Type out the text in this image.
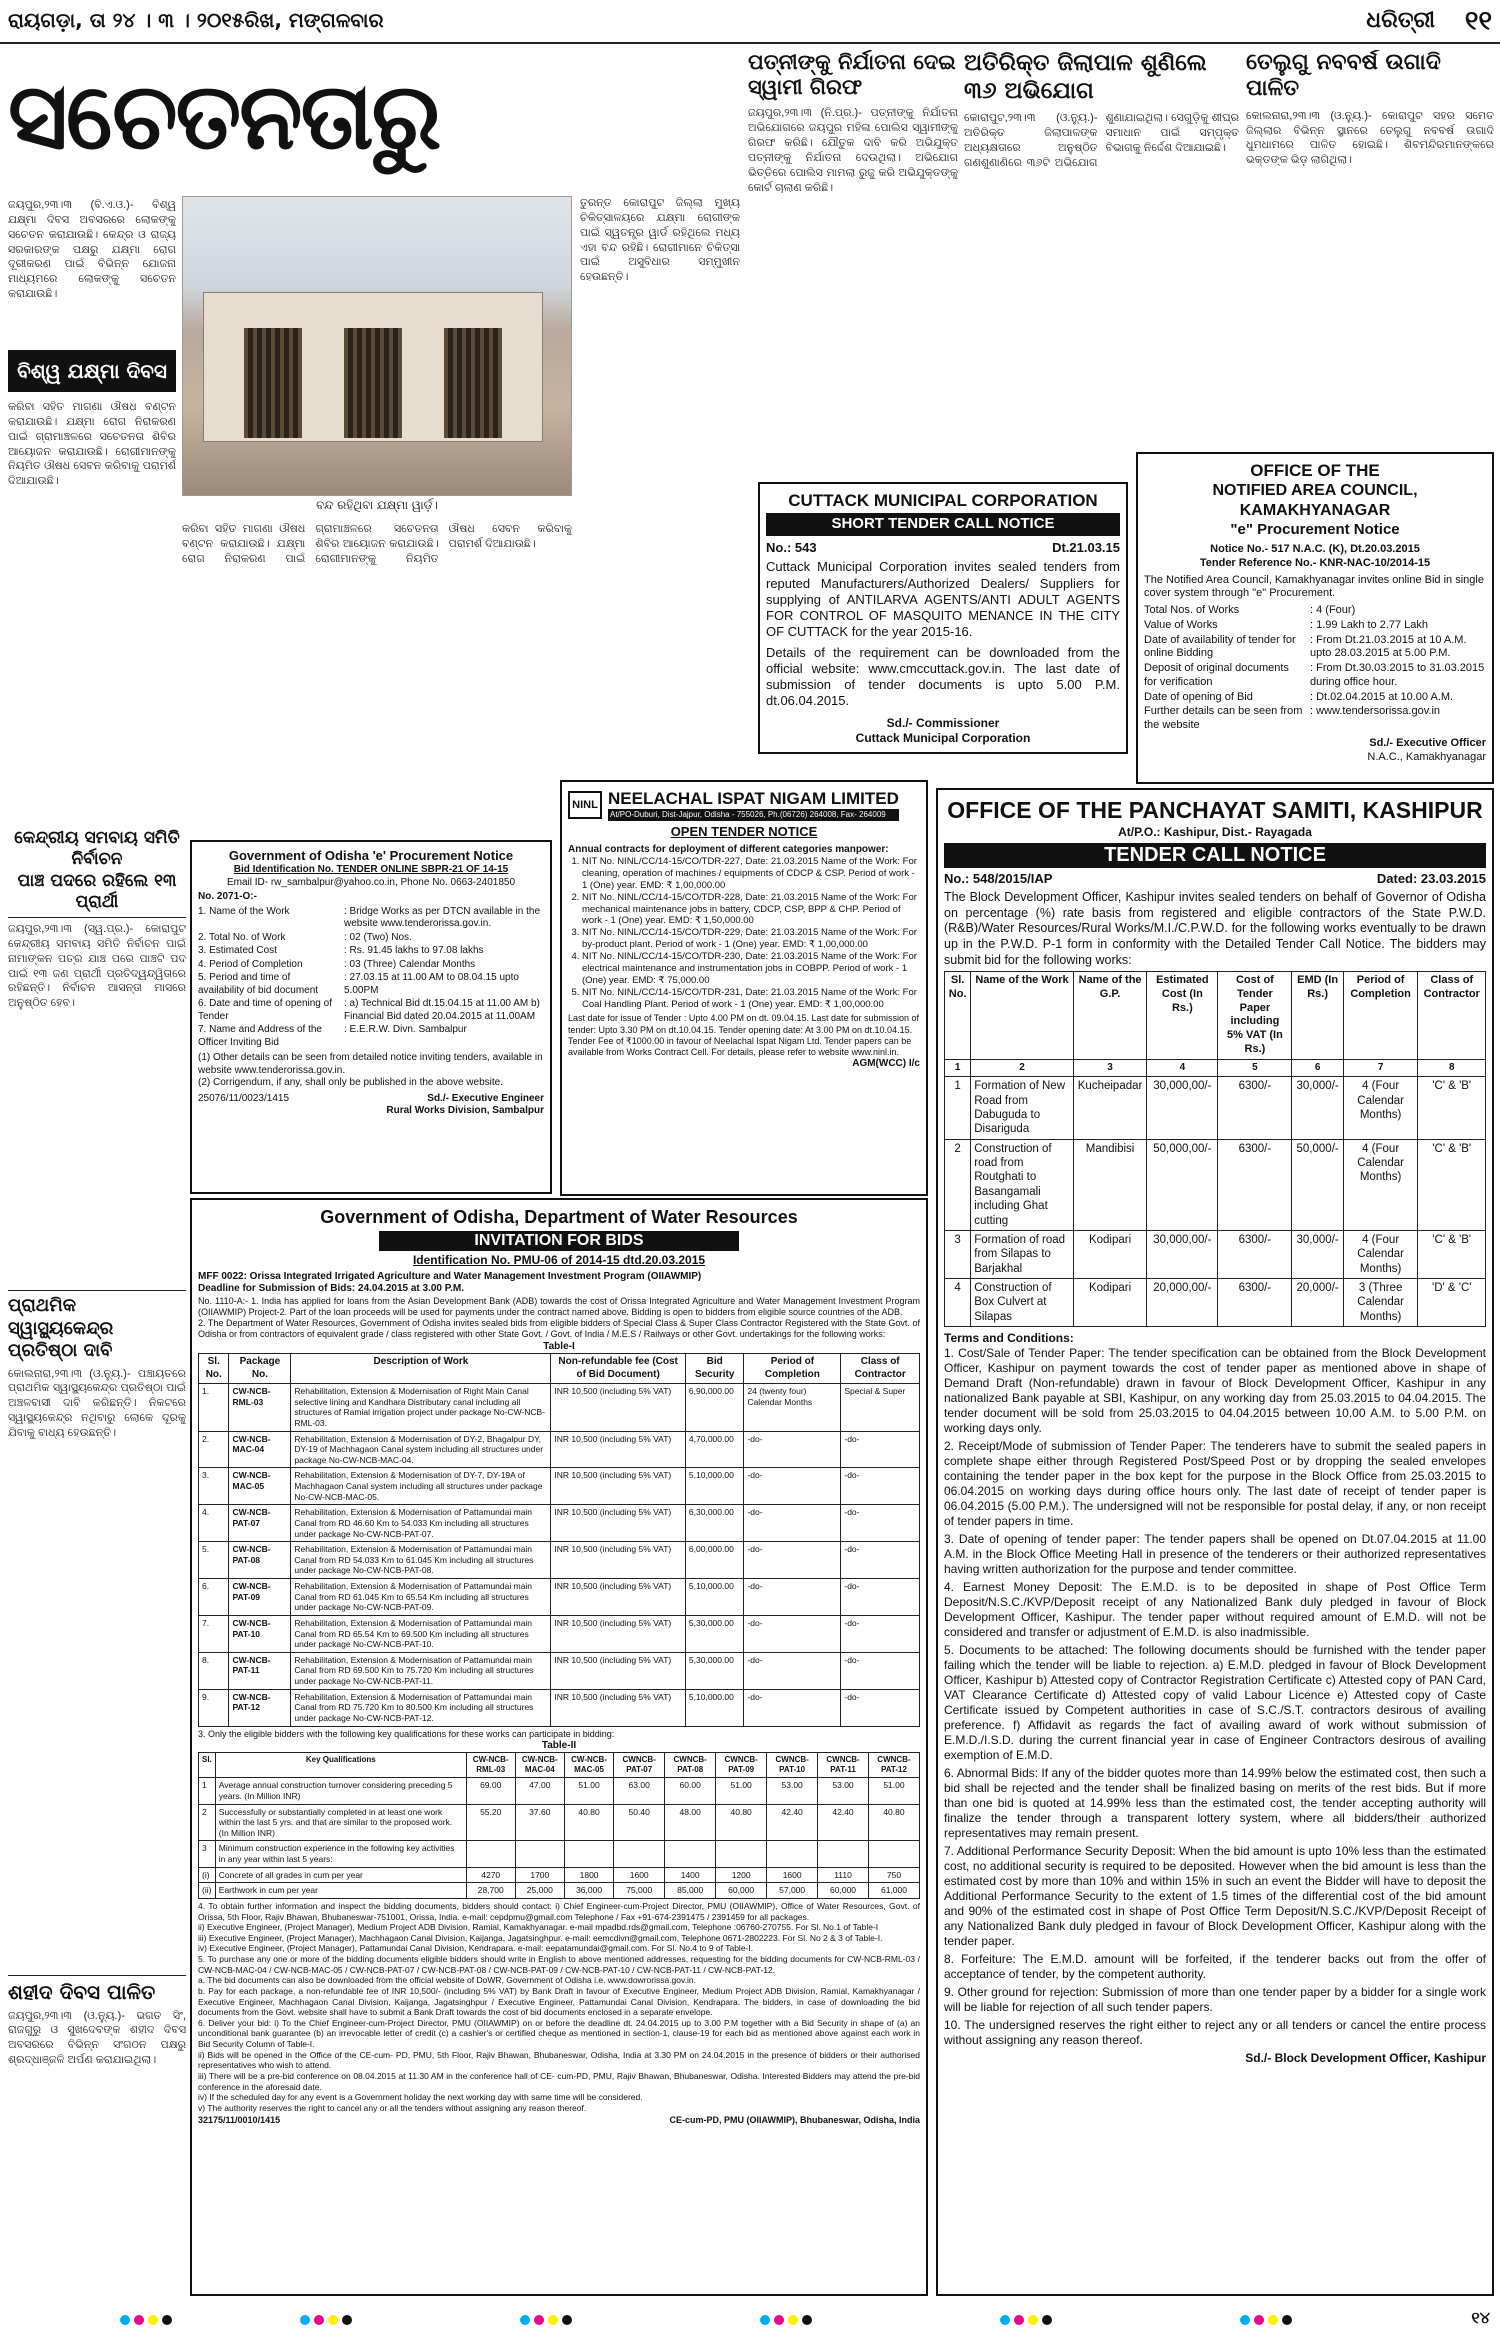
ରାୟଗଡ଼ା, ତା ୨୪ । ୩ । ୨୦୧୫ରିଖ, ମଙ୍ଗଳବାର	ଧରିତ୍ରୀ ୧୧
ସଚେତନତାରୁ
ଜୟପୁର,୨୩।୩ (ବି.ଏ.ଓ.)- ବିଶ୍ୱ ଯକ୍ଷ୍ମା ଦିବସ ଅବସରରେ ଲୋକଙ୍କୁ ସଚେତନ କରାଯାଉଛି। କେନ୍ଦ୍ର ଓ ରାଜ୍ୟ ସରକାରଙ୍କ ପକ୍ଷରୁ ଯକ୍ଷ୍ମା ରୋଗ ଦୂରୀକରଣ ପାଇଁ ବିଭିନ୍ନ ଯୋଜନା ମାଧ୍ୟମରେ ଲୋକଙ୍କୁ ସଚେତନ କରାଯାଉଛି।
ବିଶ୍ୱ ଯକ୍ଷ୍ମା ଦିବସ

କରିବା ସହିତ ମାଗଣା ଔଷଧ ବଣ୍ଟନ କରାଯାଉଛି। ଯକ୍ଷ୍ମା ରୋଗ ନିରାକରଣ ପାଇଁ ଗ୍ରାମାଞ୍ଚଳରେ ସଚେତନତା ଶିବିର ଆୟୋଜନ କରାଯାଉଛି। ରୋଗୀମାନଙ୍କୁ ନିୟମିତ ଔଷଧ ସେବନ କରିବାକୁ ପରାମର୍ଶ ଦିଆଯାଉଛି।

ବନ୍ଦ ରହିଥିବା ଯକ୍ଷ୍ମା ୱାର୍ଡ଼।
ତୁରନ୍ତ କୋରାପୁଟ ଜିଲ୍ଲା ମୁଖ୍ୟ ଚିକିତ୍ସାଳୟରେ ଯକ୍ଷ୍ମା ରୋଗୀଙ୍କ ପାଇଁ ସ୍ୱତନ୍ତ୍ର ୱାର୍ଡ ରହିଥିଲେ ମଧ୍ୟ ଏହା ବନ୍ଦ ରହିଛି। ରୋଗୀମାନେ ଚିକିତ୍ସା ପାଇଁ ଅସୁବିଧାର ସମ୍ମୁଖୀନ ହେଉଛନ୍ତି।
କରିବା ସହିତ ମାଗଣା ଔଷଧ ବଣ୍ଟନ କରାଯାଉଛି। ଯକ୍ଷ୍ମା ରୋଗ ନିରାକରଣ ପାଇଁ ଗ୍ରାମାଞ୍ଚଳରେ ସଚେତନତା ଶିବିର ଆୟୋଜନ କରାଯାଉଛି। ରୋଗୀମାନଙ୍କୁ ନିୟମିତ ଔଷଧ ସେବନ କରିବାକୁ ପରାମର୍ଶ ଦିଆଯାଉଛି।
ପତ୍ନୀଙ୍କୁ ନିର୍ଯାତନା ଦେଇ ସ୍ୱାମୀ ଗିରଫ
ଜୟପୁର,୨୩।୩ (ନି.ପ୍ର.)- ପତ୍ନୀଙ୍କୁ ନିର୍ଯାତନା ଅଭିଯୋଗରେ ଜୟପୁର ମହିଳା ପୋଲିସ ସ୍ୱାମୀଙ୍କୁ ଗିରଫ କରିଛି। ଯୌତୁକ ଦାବି କରି ଅଭିଯୁକ୍ତ ପତ୍ନୀଙ୍କୁ ନିର୍ଯାତନା ଦେଉଥିଲା। ଅଭିଯୋଗ ଭିତ୍ତିରେ ପୋଲିସ ମାମଲା ରୁଜୁ କରି ଅଭିଯୁକ୍ତଙ୍କୁ କୋର୍ଟ ଚାଲାଣ କରିଛି।
ଅତିରିକ୍ତ ଜିଲାପାଳ ଶୁଣିଲେ ୩୬ ଅଭିଯୋଗ
କୋରାପୁଟ,୨୩।୩ (ଓ.ନ୍ୟୁ.)- ଅତିରିକ୍ତ ଜିଲାପାଳଙ୍କ ଅଧ୍ୟକ୍ଷତାରେ ଅନୁଷ୍ଠିତ ଗଣଶୁଣାଣିରେ ୩୬ଟି ଅଭିଯୋଗ ଶୁଣାଯାଇଥିଲା। ସେଗୁଡ଼ିକୁ ଶୀଘ୍ର ସମାଧାନ ପାଇଁ ସମ୍ପୃକ୍ତ ବିଭାଗକୁ ନିର୍ଦ୍ଦେଶ ଦିଆଯାଇଛି।
ତେଲୁଗୁ ନବବର୍ଷ ଉଗାଦି ପାଳିତ
କୋଲନାରା,୨୩।୩ (ଓ.ନ୍ୟୁ.)- କୋରାପୁଟ ସହର ସମେତ ଜିଲ୍ଲାର ବିଭିନ୍ନ ସ୍ଥାନରେ ତେଲୁଗୁ ନବବର୍ଷ ଉଗାଦି ଧୁମଧାମରେ ପାଳିତ ହୋଇଛି। ଶିବମନ୍ଦିରମାନଙ୍କରେ ଭକ୍ତଙ୍କ ଭିଡ଼ ଲାଗିଥିଲା।
CUTTACK MUNICIPAL CORPORATION
SHORT TENDER CALL NOTICE
No.: 543	Dt.21.03.15
Cuttack Municipal Corporation invites sealed tenders from reputed Manufacturers/Authorized Dealers/ Suppliers for supplying of ANTILARVA AGENTS/ANTI ADULT AGENTS FOR CONTROL OF MASQUITO MENANCE IN THE CITY OF CUTTACK for the year 2015-16.
Details of the requirement can be downloaded from the official website: www.cmccuttack.gov.in. The last date of submission of tender documents is upto 5.00 P.M. dt.06.04.2015.
Sd./- Commissioner
Cuttack Municipal Corporation
OFFICE OF THE
NOTIFIED AREA COUNCIL, KAMAKHYANAGAR
"e" Procurement Notice
Notice No.- 517 N.A.C. (K), Dt.20.03.2015
Tender Reference No.- KNR-NAC-10/2014-15
The Notified Area Council, Kamakhyanagar invites online Bid in single cover system through "e" Procurement.
Total Nos. of Works	: 4 (Four)
Value of Works	: 1.99 Lakh to 2.77 Lakh
Date of availability of tender for online Bidding
: From Dt.21.03.2015 at 10 A.M. upto 28.03.2015 at 5.00 P.M.
Deposit of original documents for verification
: From Dt.30.03.2015 to 31.03.2015 during office hour.
Date of opening of Bid	: Dt.02.04.2015 at 10.00 A.M.
Further details can be seen from the website
: www.tendersorissa.gov.in
Sd./- Executive Officer
N.A.C., Kamakhyanagar
କେନ୍ଦ୍ରୀୟ ସମବାୟ ସମିତି ନିର୍ବାଚନ
ପାଞ୍ଚ ପଦରେ ରହିଲେ ୧୩ ପ୍ରାର୍ଥୀ
ଜୟପୁର,୨୩।୩ (ସ୍ୱ.ପ୍ର.)- କୋରାପୁଟ କେନ୍ଦ୍ରୀୟ ସମବାୟ ସମିତି ନିର୍ବାଚନ ପାଇଁ ନାମାଙ୍କନ ପତ୍ର ଯାଞ୍ଚ ପରେ ପାଞ୍ଚଟି ପଦ ପାଇଁ ୧୩ ଜଣ ପ୍ରାର୍ଥୀ ପ୍ରତିଦ୍ୱନ୍ଦ୍ୱିତାରେ ରହିଛନ୍ତି। ନିର୍ବାଚନ ଆସନ୍ତା ମାସରେ ଅନୁଷ୍ଠିତ ହେବ।
ପ୍ରାଥମିକ ସ୍ୱାସ୍ଥ୍ୟକେନ୍ଦ୍ର ପ୍ରତିଷ୍ଠା ଦାବି
କୋଲନାରା,୨୩।୩ (ଓ.ନ୍ୟୁ.)- ପଞ୍ଚାୟତରେ ପ୍ରାଥମିକ ସ୍ୱାସ୍ଥ୍ୟକେନ୍ଦ୍ର ପ୍ରତିଷ୍ଠା ପାଇଁ ଅଞ୍ଚଳବାସୀ ଦାବି କରିଛନ୍ତି। ନିକଟରେ ସ୍ୱାସ୍ଥ୍ୟକେନ୍ଦ୍ର ନଥିବାରୁ ଲୋକେ ଦୂରକୁ ଯିବାକୁ ବାଧ୍ୟ ହେଉଛନ୍ତି।
ଶହୀଦ ଦିବସ ପାଳିତ
ଜୟପୁର,୨୩।୩ (ଓ.ନ୍ୟୁ.)- ଭଗତ ସିଂ, ରାଜଗୁରୁ ଓ ସୁଖଦେବଙ୍କ ଶହୀଦ ଦିବସ ଅବସରରେ ବିଭିନ୍ନ ସଂଗଠନ ପକ୍ଷରୁ ଶ୍ରଦ୍ଧାଞ୍ଜଳି ଅର୍ପଣ କରାଯାଇଥିଲା।
Government of Odisha 'e' Procurement Notice
Bid Identification No. TENDER ONLINE SBPR-21 OF 14-15
Email ID- rw_sambalpur@yahoo.co.in, Phone No. 0663-2401850
No. 2071-O:-
1. Name of the Work	: Bridge Works as per DTCN available in the website www.tenderorissa.gov.in.
2. Total No. of Work	: 02 (Two) Nos.
3. Estimated Cost	: Rs. 91.45 lakhs to 97.08 lakhs
4. Period of Completion	: 03 (Three) Calendar Months
5. Period and time of availability of bid document
: 27.03.15 at 11.00 AM to 08.04.15 upto 5.00PM
6. Date and time of opening of Tender
: a) Technical Bid dt.15.04.15 at 11.00 AM b) Financial Bid dated 20.04.2015 at 11.00AM
7. Name and Address of the Officer Inviting Bid
: E.E.R.W. Divn. Sambalpur
(1) Other details can be seen from detailed notice inviting tenders, available in website www.tenderorissa.gov.in.
(2) Corrigendum, if any, shall only be published in the above website.
25076/11/0023/1415	Sd./- Executive Engineer
Rural Works Division, Sambalpur
NINL NEELACHAL ISPAT NIGAM LIMITED
At/PO-Duburi, Dist-Jajpur, Odisha - 755026, Ph.(06726) 264008, Fax- 264009
OPEN TENDER NOTICE
Annual contracts for deployment of different categories manpower:
1. NIT No. NINL/CC/14-15/CO/TDR-227, Date: 21.03.2015 Name of the Work: For cleaning, operation of machines / equipments of CDCP & CSP. Period of work - 1 (One) year. EMD: ₹ 1,00,000.00
2. NIT No. NINL/CC/14-15/CO/TDR-228, Date: 21.03.2015 Name of the Work: For mechanical maintenance jobs in battery, CDCP, CSP, BPP & CHP. Period of work - 1 (One) year. EMD: ₹ 1,50,000.00
3. NIT No. NINL/CC/14-15/CO/TDR-229, Date: 21.03.2015 Name of the Work: For by-product plant. Period of work - 1 (One) year. EMD: ₹ 1,00,000.00
4. NIT No. NINL/CC/14-15/CO/TDR-230, Date: 21.03.2015 Name of the Work: For electrical maintenance and instrumentation jobs in COBPP. Period of work - 1 (One) year. EMD: ₹ 75,000.00
5. NIT No. NINL/CC/14-15/CO/TDR-231, Date: 21.03.2015 Name of the Work: For Coal Handling Plant. Period of work - 1 (One) year. EMD: ₹ 1,00,000.00
Last date for issue of Tender : Upto 4.00 PM on dt. 09.04.15. Last date for submission of tender: Upto 3.30 PM on dt.10.04.15. Tender opening date: At 3.00 PM on dt.10.04.15. Tender Fee of ₹1000.00 in favour of Neelachal Ispat Nigam Ltd. Tender papers can be available from Works Contract Cell. For details, please refer to website www.ninl.in.
AGM(WCC) I/c
Government of Odisha, Department of Water Resources
INVITATION FOR BIDS
Identification No. PMU-06 of 2014-15 dtd.20.03.2015
MFF 0022: Orissa Integrated Irrigated Agriculture and Water Management Investment Program (OIIAWMIP)
Deadline for Submission of Bids: 24.04.2015 at 3.00 P.M.
No. 1110-A:- 1. India has applied for loans from the Asian Development Bank (ADB) towards the cost of Orissa Integrated Agriculture and Water Management Investment Program (OIIAWMIP) Project-2. Part of the loan proceeds will be used for payments under the contract named above. Bidding is open to bidders from eligible source countries of the ADB.
2. The Department of Water Resources, Government of Odisha invites sealed bids from eligible bidders of Special Class & Super Class Contractor Registered with the State Govt. of Odisha or from contractors of equivalent grade / class registered with other State Govt. / Govt. of India / M.E.S / Railways or other Govt. undertakings for the following works:
Table-I
Sl. No.	Package No.	Description of Work	Non-refundable fee (Cost of Bid Document)	Bid Security	Period of Completion	Class of Contractor
1.	CW-NCB-RML-03	Rehabilitation, Extension & Modernisation of Right Main Canal selective lining and Kandhara Distributary canal including all structures of Ramial irrigation project under package No-CW-NCB-RML-03.	INR 10,500 (including 5% VAT)	6,90,000.00	24 (twenty four) Calendar Months	Special & Super
2.	CW-NCB-MAC-04	Rehabilitation, Extension & Modernisation of DY-2, Bhagalpur DY, DY-19 of Machhagaon Canal system including all structures under package No-CW-NCB-MAC-04.	INR 10,500 (including 5% VAT)	4,70,000.00	-do-	-do-
3.	CW-NCB-MAC-05	Rehabilitation, Extension & Modernisation of DY-7, DY-19A of Machhagaon Canal system including all structures under package No-CW-NCB-MAC-05.	INR 10,500 (including 5% VAT)	5,10,000.00	-do-	-do-
4.	CW-NCB-PAT-07	Rehabilitation, Extension & Modernisation of Pattamundai main Canal from RD 46.60 Km to 54.033 Km including all structures under package No-CW-NCB-PAT-07.	INR 10,500 (including 5% VAT)	6,30,000.00	-do-	-do-
5.	CW-NCB-PAT-08	Rehabilitation, Extension & Modernisation of Pattamundai main Canal from RD 54.033 Km to 61.045 Km including all structures under package No-CW-NCB-PAT-08.	INR 10,500 (including 5% VAT)	6,00,000.00	-do-	-do-
6.	CW-NCB-PAT-09	Rehabilitation, Extension & Modernisation of Pattamundai main Canal from RD 61.045 Km to 65.54 Km including all structures under package No-CW-NCB-PAT-09.	INR 10,500 (including 5% VAT)	5,10,000.00	-do-	-do-
7.	CW-NCB-PAT-10	Rehabilitation, Extension & Modernisation of Pattamundai main Canal from RD 65.54 Km to 69.500 Km including all structures under package No-CW-NCB-PAT-10.	INR 10,500 (including 5% VAT)	5,30,000.00	-do-	-do-
8.	CW-NCB-PAT-11	Rehabilitation, Extension & Modernisation of Pattamundai main Canal from RD 69.500 Km to 75.720 Km including all structures under package No-CW-NCB-PAT-11.	INR 10,500 (including 5% VAT)	5,30,000.00	-do-	-do-
9.	CW-NCB-PAT-12	Rehabilitation, Extension & Modernisation of Pattamundai main Canal from RD 75.720 Km to 80.500 Km including all structures under package No-CW-NCB-PAT-12.	INR 10,500 (including 5% VAT)	5,10,000.00	-do-	-do-
3. Only the eligible bidders with the following key qualifications for these works can participate in bidding:
Table-II
Sl.	Key Qualifications	CW-NCB-RML-03	CW-NCB-MAC-04	CW-NCB-MAC-05	CWNCB-PAT-07	CWNCB-PAT-08	CWNCB-PAT-09	CWNCB-PAT-10	CWNCB-PAT-11	CWNCB-PAT-12
1	Average annual construction turnover considering preceding 5 years. (In Million INR)	69.00	47.00	51.00	63.00	60.00	51.00	53.00	53.00	51.00
2	Successfully or substantially completed in at least one work within the last 5 yrs. and that are similar to the proposed work. (In Million INR)	55.20	37.60	40.80	50.40	48.00	40.80	42.40	42.40	40.80
3	Minimum construction experience in the following key activities in any year within last 5 years:									
(i)	Concrete of all grades in cum per year	4270	1700	1800	1600	1400	1200	1600	1110	750
(ii)	Earthwork in cum per year	28,700	25,000	36,000	75,000	85,000	60,000	57,000	60,000	61,000

4. To obtain further information and inspect the bidding documents, bidders should contact: i) Chief Engineer-cum-Project Director, PMU (OIIAWMIP), Office of Water Resources, Govt. of Orissa, 5th Floor, Rajiv Bhawan, Bhubaneswar-751001, Orissa, India. e-mail: cepdpmu@gmail.com Telephone / Fax +91-674-2391475 / 2391459 for all packages.

ii) Executive Engineer, (Project Manager), Medium Project ADB Division, Ramial, Kamakhyanagar. e-mail mpadbd.rds@gmail.com, Telephone :06760-270755. For Sl. No.1 of Table-I

iii) Executive Engineer, (Project Manager), Machhagaon Canal Division, Kaijanga, Jagatsinghpur. e-mail: eemcdivn@gmail.com, Telephone 0671-2802223. For Sl. No 2 & 3 of Table-I.

iv) Executive Engineer, (Project Manager), Pattamundai Canal Division, Kendrapara. e-mail: eepatamundai@gmail.com. For Sl. No.4 to 9 of Table-I.

5. To purchase any one or more of the bidding documents eligible bidders should write in English to above mentioned addresses, requesting for the bidding documents for CW-NCB-RML-03 / CW-NCB-MAC-04 / CW-NCB-MAC-05 / CW-NCB-PAT-07 / CW-NCB-PAT-08 / CW-NCB-PAT-09 / CW-NCB-PAT-10 / CW-NCB-PAT-11 / CW-NCB-PAT-12.

a. The bid documents can also be downloaded from the official website of DoWR, Government of Odisha i.e. www.dowrorissa.gov.in.

b. Pay for each package, a non-refundable fee of INR 10,500/- (including 5% VAT) by Bank Draft in favour of Executive Engineer, Medium Project ADB Division, Ramial, Kamakhyanagar / Executive Engineer, Machhagaon Canal Division, Kaijanga, Jagatsinghpur / Executive Engineer, Pattamundai Canal Division, Kendrapara. The bidders, in case of downloading the bid documents from the Govt. website shall have to submit a Bank Draft towards the cost of bid documents enclosed in a separate envelope.

6. Deliver your bid: i) To the Chief Engineer-cum-Project Director, PMU (OIIAWMIP) on or before the deadline dt. 24.04.2015 up to 3.00 P.M together with a Bid Security in shape of (a) an unconditional bank guarantee (b) an irrevocable letter of credit (c) a cashier's or certified cheque as mentioned in section-1, clause-19 for each bid as mentioned above against each work in Bid Security Column of Table-I.

ii) Bids will be opened in the Office of the CE-cum- PD, PMU, 5th Floor, Rajiv Bhawan, Bhubaneswar, Odisha, India at 3.30 PM on 24.04.2015 in the presence of bidders or their authorised representatives who wish to attend.

iii) There will be a pre-bid conference on 08.04.2015 at 11.30 AM in the conference hall of CE- cum-PD, PMU, Rajiv Bhawan, Bhubaneswar, Odisha. Interested Bidders may attend the pre-bid conference in the aforesaid date.

iv) If the scheduled day for any event is a Government holiday the next working day with same time will be considered.

v) The authority reserves the right to cancel any or all the tenders without assigning any reason thereof.

32175/11/0010/1415	CE-cum-PD, PMU (OIIAWMIP), Bhubaneswar, Odisha, India
OFFICE OF THE PANCHAYAT SAMITI, KASHIPUR
At/P.O.: Kashipur, Dist.- Rayagada
TENDER CALL NOTICE
No.: 548/2015/IAP	Dated: 23.03.2015
The Block Development Officer, Kashipur invites sealed tenders on behalf of Governor of Odisha on percentage (%) rate basis from registered and eligible contractors of the State P.W.D. (R&B)/Water Resources/Rural Works/M.I./C.P.W.D. for the following works eventually to be drawn up in the P.W.D. P-1 form in conformity with the Detailed Tender Call Notice. The bidders may submit bid for the following works:
Sl. No.	Name of the Work	Name of the G.P.	Estimated Cost (In Rs.)	Cost of Tender Paper including 5% VAT (In Rs.)	EMD (In Rs.)	Period of Completion	Class of Contractor
1	2	3	4	5	6	7	8
1	Formation of New Road from Dabuguda to Disariguda	Kucheipadar	30,000,00/-	6300/-	30,000/-	4 (Four Calendar Months)	'C' & 'B'
2	Construction of road from Routghati to Basangamali including Ghat cutting	Mandibisi	50,000,00/-	6300/-	50,000/-	4 (Four Calendar Months)	'C' & 'B'
3	Formation of road from Silapas to Barjakhal	Kodipari	30,000,00/-	6300/-	30,000/-	4 (Four Calendar Months)	'C' & 'B'
4	Construction of Box Culvert at Silapas	Kodipari	20,000,00/-	6300/-	20,000/-	3 (Three Calendar Months)	'D' & 'C'
Terms and Conditions:

1. Cost/Sale of Tender Paper: The tender specification can be obtained from the Block Development Officer, Kashipur on payment towards the cost of tender paper as mentioned above in shape of Demand Draft (Non-refundable) drawn in favour of Block Development Officer, Kashipur in any nationalized Bank payable at SBI, Kashipur, on any working day from 25.03.2015 to 04.04.2015. The tender document will be sold from 25.03.2015 to 04.04.2015 between 10.00 A.M. to 5.00 P.M. on working days only.

2. Receipt/Mode of submission of Tender Paper: The tenderers have to submit the sealed papers in complete shape either through Registered Post/Speed Post or by dropping the sealed envelopes containing the tender paper in the box kept for the purpose in the Block Office from 25.03.2015 to 06.04.2015 on working days during office hours only. The last date of receipt of tender paper is 06.04.2015 (5.00 P.M.). The undersigned will not be responsible for postal delay, if any, or non receipt of tender papers in time.

3. Date of opening of tender paper: The tender papers shall be opened on Dt.07.04.2015 at 11.00 A.M. in the Block Office Meeting Hall in presence of the tenderers or their authorized representatives having written authorization for the purpose and tender committee.

4. Earnest Money Deposit: The E.M.D. is to be deposited in shape of Post Office Term Deposit/N.S.C./KVP/Deposit receipt of any Nationalized Bank duly pledged in favour of Block Development Officer, Kashipur. The tender paper without required amount of E.M.D. will not be considered and transfer or adjustment of E.M.D. is also inadmissible.

5. Documents to be attached: The following documents should be furnished with the tender paper failing which the tender will be liable to rejection. a) E.M.D. pledged in favour of Block Development Officer, Kashipur b) Attested copy of Contractor Registration Certificate c) Attested copy of PAN Card, VAT Clearance Certificate d) Attested copy of valid Labour Licence e) Attested copy of Caste Certificate issued by Competent authorities in case of S.C./S.T. contractors desirous of availing preference. f) Affidavit as regards the fact of availing award of work without submission of E.M.D./I.S.D. during the current financial year in case of Engineer Contractors desirous of availing exemption of E.M.D.

6. Abnormal Bids: If any of the bidder quotes more than 14.99% below the estimated cost, then such a bid shall be rejected and the tender shall be finalized basing on merits of the rest bids. But if more than one bid is quoted at 14.99% less than the estimated cost, the tender accepting authority will finalize the tender through a transparent lottery system, where all bidders/their authorized representatives may remain present.

7. Additional Performance Security Deposit: When the bid amount is upto 10% less than the estimated cost, no additional security is required to be deposited. However when the bid amount is less than the estimated cost by more than 10% and within 15% in such an event the Bidder will have to deposit the Additional Performance Security to the extent of 1.5 times of the differential cost of the bid amount and 90% of the estimated cost in shape of Post Office Term Deposit/N.S.C./KVP/Deposit Receipt of any Nationalized Bank duly pledged in favour of Block Development Officer, Kashipur along with the tender paper.

8. Forfeiture: The E.M.D. amount will be forfeited, if the tenderer backs out from the offer of acceptance of tender, by the competent authority.

9. Other ground for rejection: Submission of more than one tender paper by a bidder for a single work will be liable for rejection of all such tender papers.

10. The undersigned reserves the right either to reject any or all tenders or cancel the entire process without assigning any reason thereof.

Sd./- Block Development Officer, Kashipur
୧୪
